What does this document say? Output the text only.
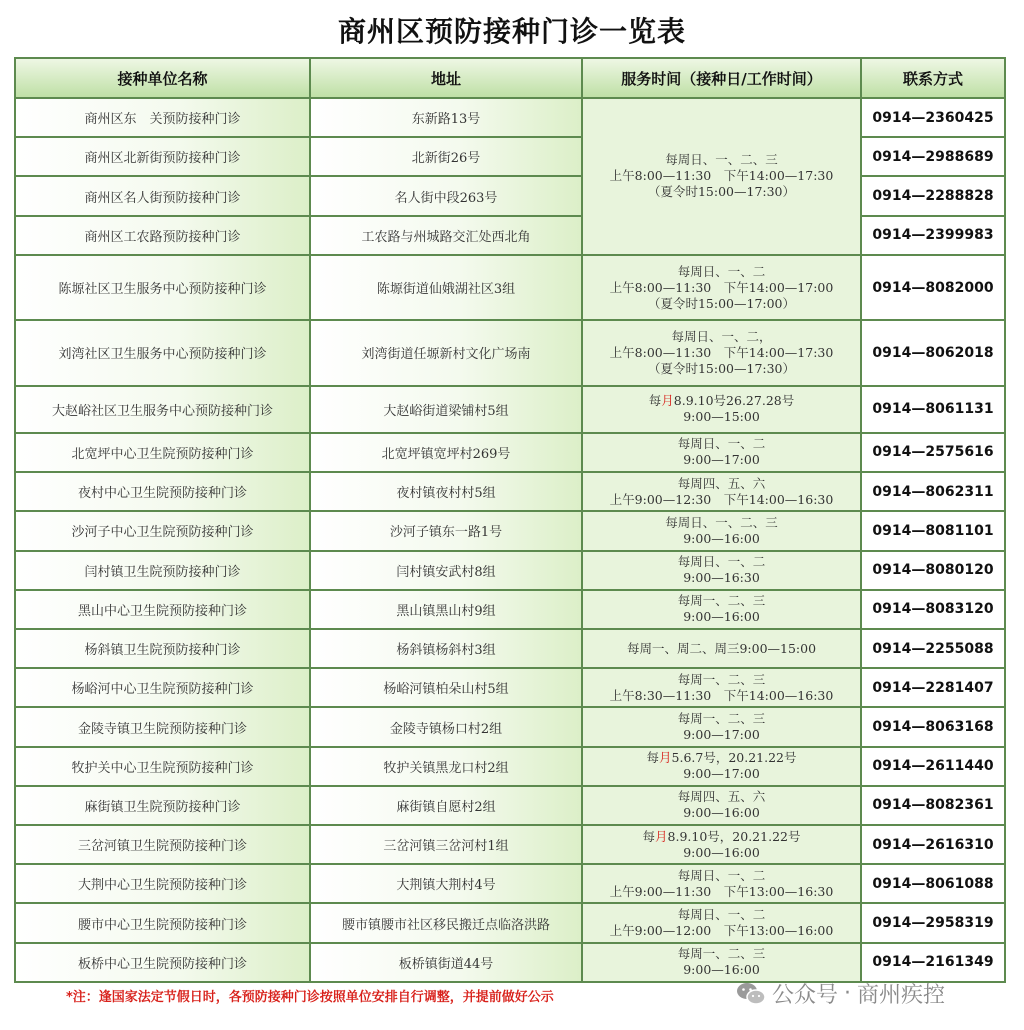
商州区预防接种门诊一览表
接种单位名称	地址	服务时间（接种日/工作时间）	联系方式
商州区东　关预防接种门诊	东新路13号	每周日、一、二、三
上午8:00—11:30　下午14:00—17:30
（夏令时15:00—17:30）	0914—2360425
商州区北新街预防接种门诊	北新街26号		0914—2988689
商州区名人街预防接种门诊	名人街中段263号		0914—2288828
商州区工农路预防接种门诊	工农路与州城路交汇处西北角		0914—2399983
陈塬社区卫生服务中心预防接种门诊	陈塬街道仙娥湖社区3组	每周日、一、二
上午8:00—11:30　下午14:00—17:00
（夏令时15:00—17:00）	0914—8082000
刘湾社区卫生服务中心预防接种门诊	刘湾街道任塬新村文化广场南	每周日、一、二，
上午8:00—11:30　下午14:00—17:30
（夏令时15:00—17:30）	0914—8062018
大赵峪社区卫生服务中心预防接种门诊	大赵峪街道梁铺村5组	每月8.9.10号26.27.28号
9:00—15:00	0914—8061131
北宽坪中心卫生院预防接种门诊	北宽坪镇宽坪村269号	每周日、一、二
9:00—17:00	0914—2575616
夜村中心卫生院预防接种门诊	夜村镇夜村村5组	每周四、五、六
上午9:00—12:30　下午14:00—16:30	0914—8062311
沙河子中心卫生院预防接种门诊	沙河子镇东一路1号	每周日、一、二、三
9:00—16:00	0914—8081101
闫村镇卫生院预防接种门诊	闫村镇安武村8组	每周日、一、二
9:00—16:30	0914—8080120
黑山中心卫生院预防接种门诊	黑山镇黑山村9组	每周一、二、三
9:00—16:00	0914—8083120
杨斜镇卫生院预防接种门诊	杨斜镇杨斜村3组	每周一、周二、周三9:00—15:00	0914—2255088
杨峪河中心卫生院预防接种门诊	杨峪河镇柏朵山村5组	每周一、二、三
上午8:30—11:30　下午14:00—16:30	0914—2281407
金陵寺镇卫生院预防接种门诊	金陵寺镇杨口村2组	每周一、二、三
9:00—17:00	0914—8063168
牧护关中心卫生院预防接种门诊	牧护关镇黑龙口村2组	每月5.6.7号，20.21.22号
9:00—17:00	0914—2611440
麻街镇卫生院预防接种门诊	麻街镇自愿村2组	每周四、五、六
9:00—16:00	0914—8082361
三岔河镇卫生院预防接种门诊	三岔河镇三岔河村1组	每月8.9.10号，20.21.22号
9:00—16:00	0914—2616310
大荆中心卫生院预防接种门诊	大荆镇大荆村4号	每周日、一、二
上午9:00—11:30　下午13:00—16:30	0914—8061088
腰市中心卫生院预防接种门诊	腰市镇腰市社区移民搬迁点临洛洪路	每周日、一、二
上午9:00—12:00　下午13:00—16:00	0914—2958319
板桥中心卫生院预防接种门诊	板桥镇街道44号	每周一、二、三
9:00—16:00	0914—2161349
*注：逢国家法定节假日时，各预防接种门诊按照单位安排自行调整，并提前做好公示	公众号 · 商州疾控
